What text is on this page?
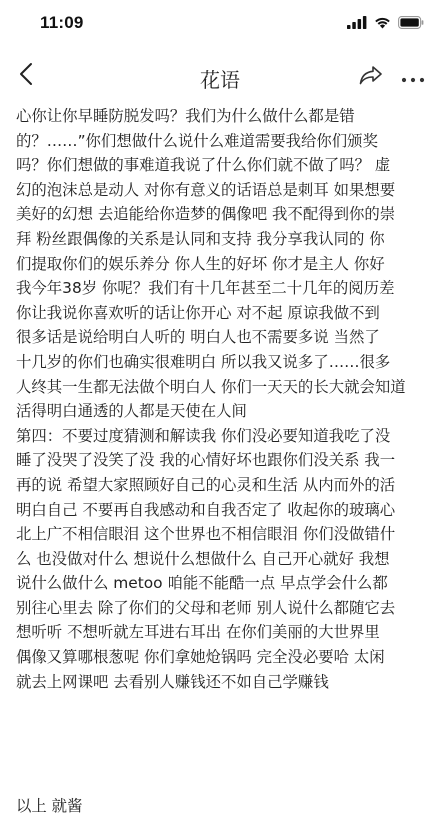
11:09
花语
心你让你早睡防脱发吗？我们为什么做什么都是错
的？……”你们想做什么说什么难道需要我给你们颁奖
吗？你们想做的事难道我说了什么你们就不做了吗？ 虚
幻的泡沫总是动人 对你有意义的话语总是刺耳 如果想要
美好的幻想 去追能给你造梦的偶像吧 我不配得到你的崇
拜 粉丝跟偶像的关系是认同和支持 我分享我认同的 你
们提取你们的娱乐养分 你人生的好坏 你才是主人 你好
我今年38岁 你呢？我们有十几年甚至二十几年的阅历差
你让我说你喜欢听的话让你开心 对不起 原谅我做不到
很多话是说给明白人听的 明白人也不需要多说 当然了
十几岁的你们也确实很难明白 所以我又说多了……很多
人终其一生都无法做个明白人 你们一天天的长大就会知道
活得明白通透的人都是天使在人间
第四：不要过度猜测和解读我 你们没必要知道我吃了没
睡了没哭了没笑了没 我的心情好坏也跟你们没关系 我一
再的说 希望大家照顾好自己的心灵和生活 从内而外的活
明白自己 不要再自我感动和自我否定了 收起你的玻璃心
北上广不相信眼泪 这个世界也不相信眼泪 你们没做错什
么 也没做对什么 想说什么想做什么 自己开心就好 我想
说什么做什么 metoo 咱能不能酷一点 早点学会什么都
别往心里去 除了你们的父母和老师 别人说什么都随它去
想听听 不想听就左耳进右耳出 在你们美丽的大世界里
偶像又算哪根葱呢 你们拿她炝锅吗 完全没必要哈 太闲
就去上网课吧 去看别人赚钱还不如自己学赚钱
以上 就酱
